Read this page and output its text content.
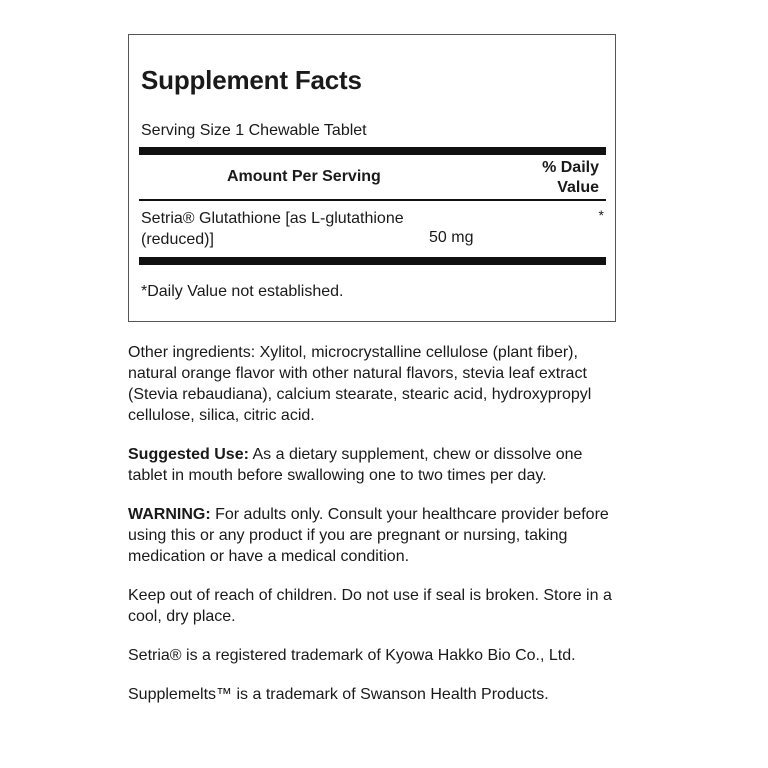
Supplement Facts
Serving Size 1 Chewable Tablet
Amount Per Serving
% Daily
Value
Setria® Glutathione [as L-glutathione (reduced)]	50 mg
*
*Daily Value not established.

Other ingredients: Xylitol, microcrystalline cellulose (plant fiber), natural orange flavor with other natural flavors, stevia leaf extract (Stevia rebaudiana), calcium stearate, stearic acid, hydroxypropyl cellulose, silica, citric acid.

Suggested Use: As a dietary supplement, chew or dissolve one tablet in mouth before swallowing one to two times per day.

WARNING: For adults only. Consult your healthcare provider before using this or any product if you are pregnant or nursing, taking medication or have a medical condition.

Keep out of reach of children. Do not use if seal is broken. Store in a cool, dry place.

Setria® is a registered trademark of Kyowa Hakko Bio Co., Ltd.

Supplemelts™ is a trademark of Swanson Health Products.
